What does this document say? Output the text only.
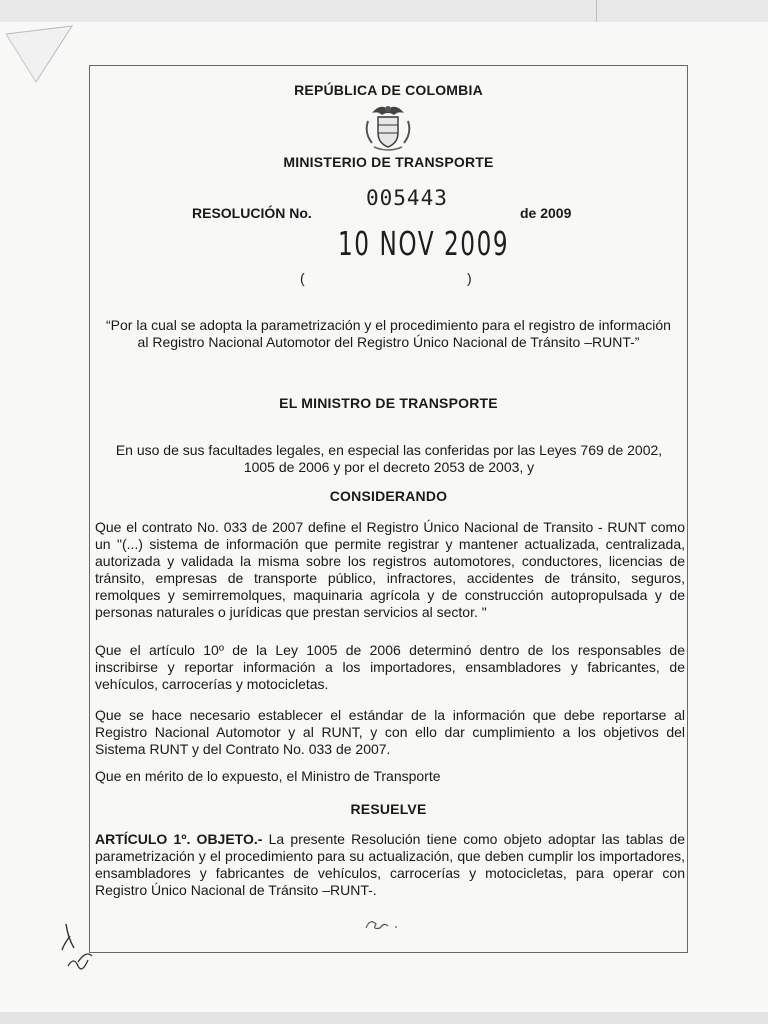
REPÚBLICA DE COLOMBIA
MINISTERIO DE TRANSPORTE
RESOLUCIÓN No.
005443
de 2009
10 NOV 2009
(	)
“Por la cual se adopta la parametrización y el procedimiento para el registro de información al Registro Nacional Automotor del Registro Único Nacional de Tránsito –RUNT-”
EL MINISTRO DE TRANSPORTE
En uso de sus facultades legales, en especial las conferidas por las Leyes 769 de 2002, 1005 de 2006 y por el decreto 2053 de 2003, y
CONSIDERANDO
Que el contrato No. 033 de 2007 define el Registro Único Nacional de Transito - RUNT como un "(...) sistema de información que permite registrar y mantener actualizada, centralizada, autorizada y validada la misma sobre los registros automotores, conductores, licencias de tránsito, empresas de transporte público, infractores, accidentes de tránsito, seguros, remolques y semirremolques, maquinaria agrícola y de construcción autopropulsada y de personas naturales o jurídicas que prestan servicios al sector. "
Que el artículo 10º de la Ley 1005 de 2006 determinó dentro de los responsables de inscribirse y reportar información a los importadores, ensambladores y fabricantes, de vehículos, carrocerías y motocicletas.
Que se hace necesario establecer el estándar de la información que debe reportarse al Registro Nacional Automotor y al RUNT, y con ello dar cumplimiento a los objetivos del Sistema RUNT y del Contrato No. 033 de 2007.
Que en mérito de lo expuesto, el Ministro de Transporte
RESUELVE
ARTÍCULO 1º. OBJETO.- La presente Resolución tiene como objeto adoptar las tablas de parametrización y el procedimiento para su actualización, que deben cumplir los importadores, ensambladores y fabricantes de vehículos, carrocerías y motocicletas, para operar con Registro Único Nacional de Tránsito –RUNT-.
